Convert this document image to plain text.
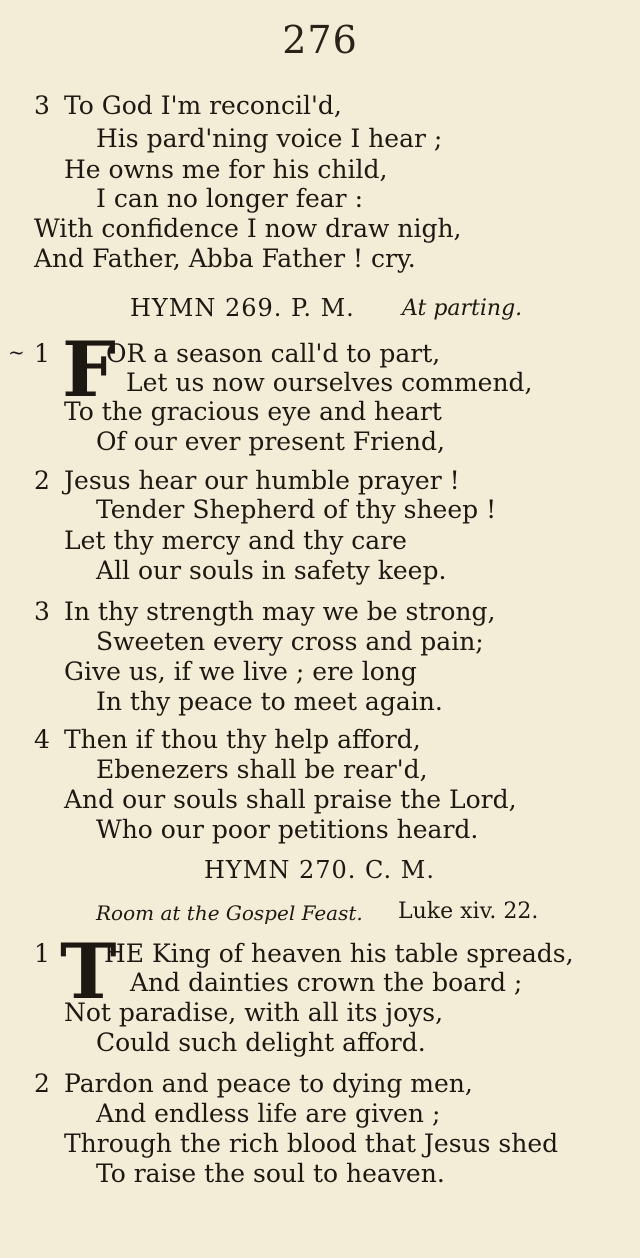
276
3 To God I'm reconcil'd,
His pard'ning voice I hear ;
He owns me for his child,
I can no longer fear :
With confidence I now draw nigh,
And Father, Abba Father ! cry.
HYMN 269. P. M. At parting.
~ 1 F
OR a season call'd to part,
Let us now ourselves commend,
To the gracious eye and heart
Of our ever present Friend,
2 Jesus hear our humble prayer !
Tender Shepherd of thy sheep !
Let thy mercy and thy care
All our souls in safety keep.
3 In thy strength may we be strong,
Sweeten every cross and pain;
Give us, if we live ; ere long
In thy peace to meet again.
4 Then if thou thy help afford,
Ebenezers shall be rear'd,
And our souls shall praise the Lord,
Who our poor petitions heard.
HYMN 270. C. M.
Room at the Gospel Feast. Luke xiv. 22.
1 T
HE King of heaven his table spreads,
And dainties crown the board ;
Not paradise, with all its joys,
Could such delight afford.
2 Pardon and peace to dying men,
And endless life are given ;
Through the rich blood that Jesus shed
To raise the soul to heaven.
